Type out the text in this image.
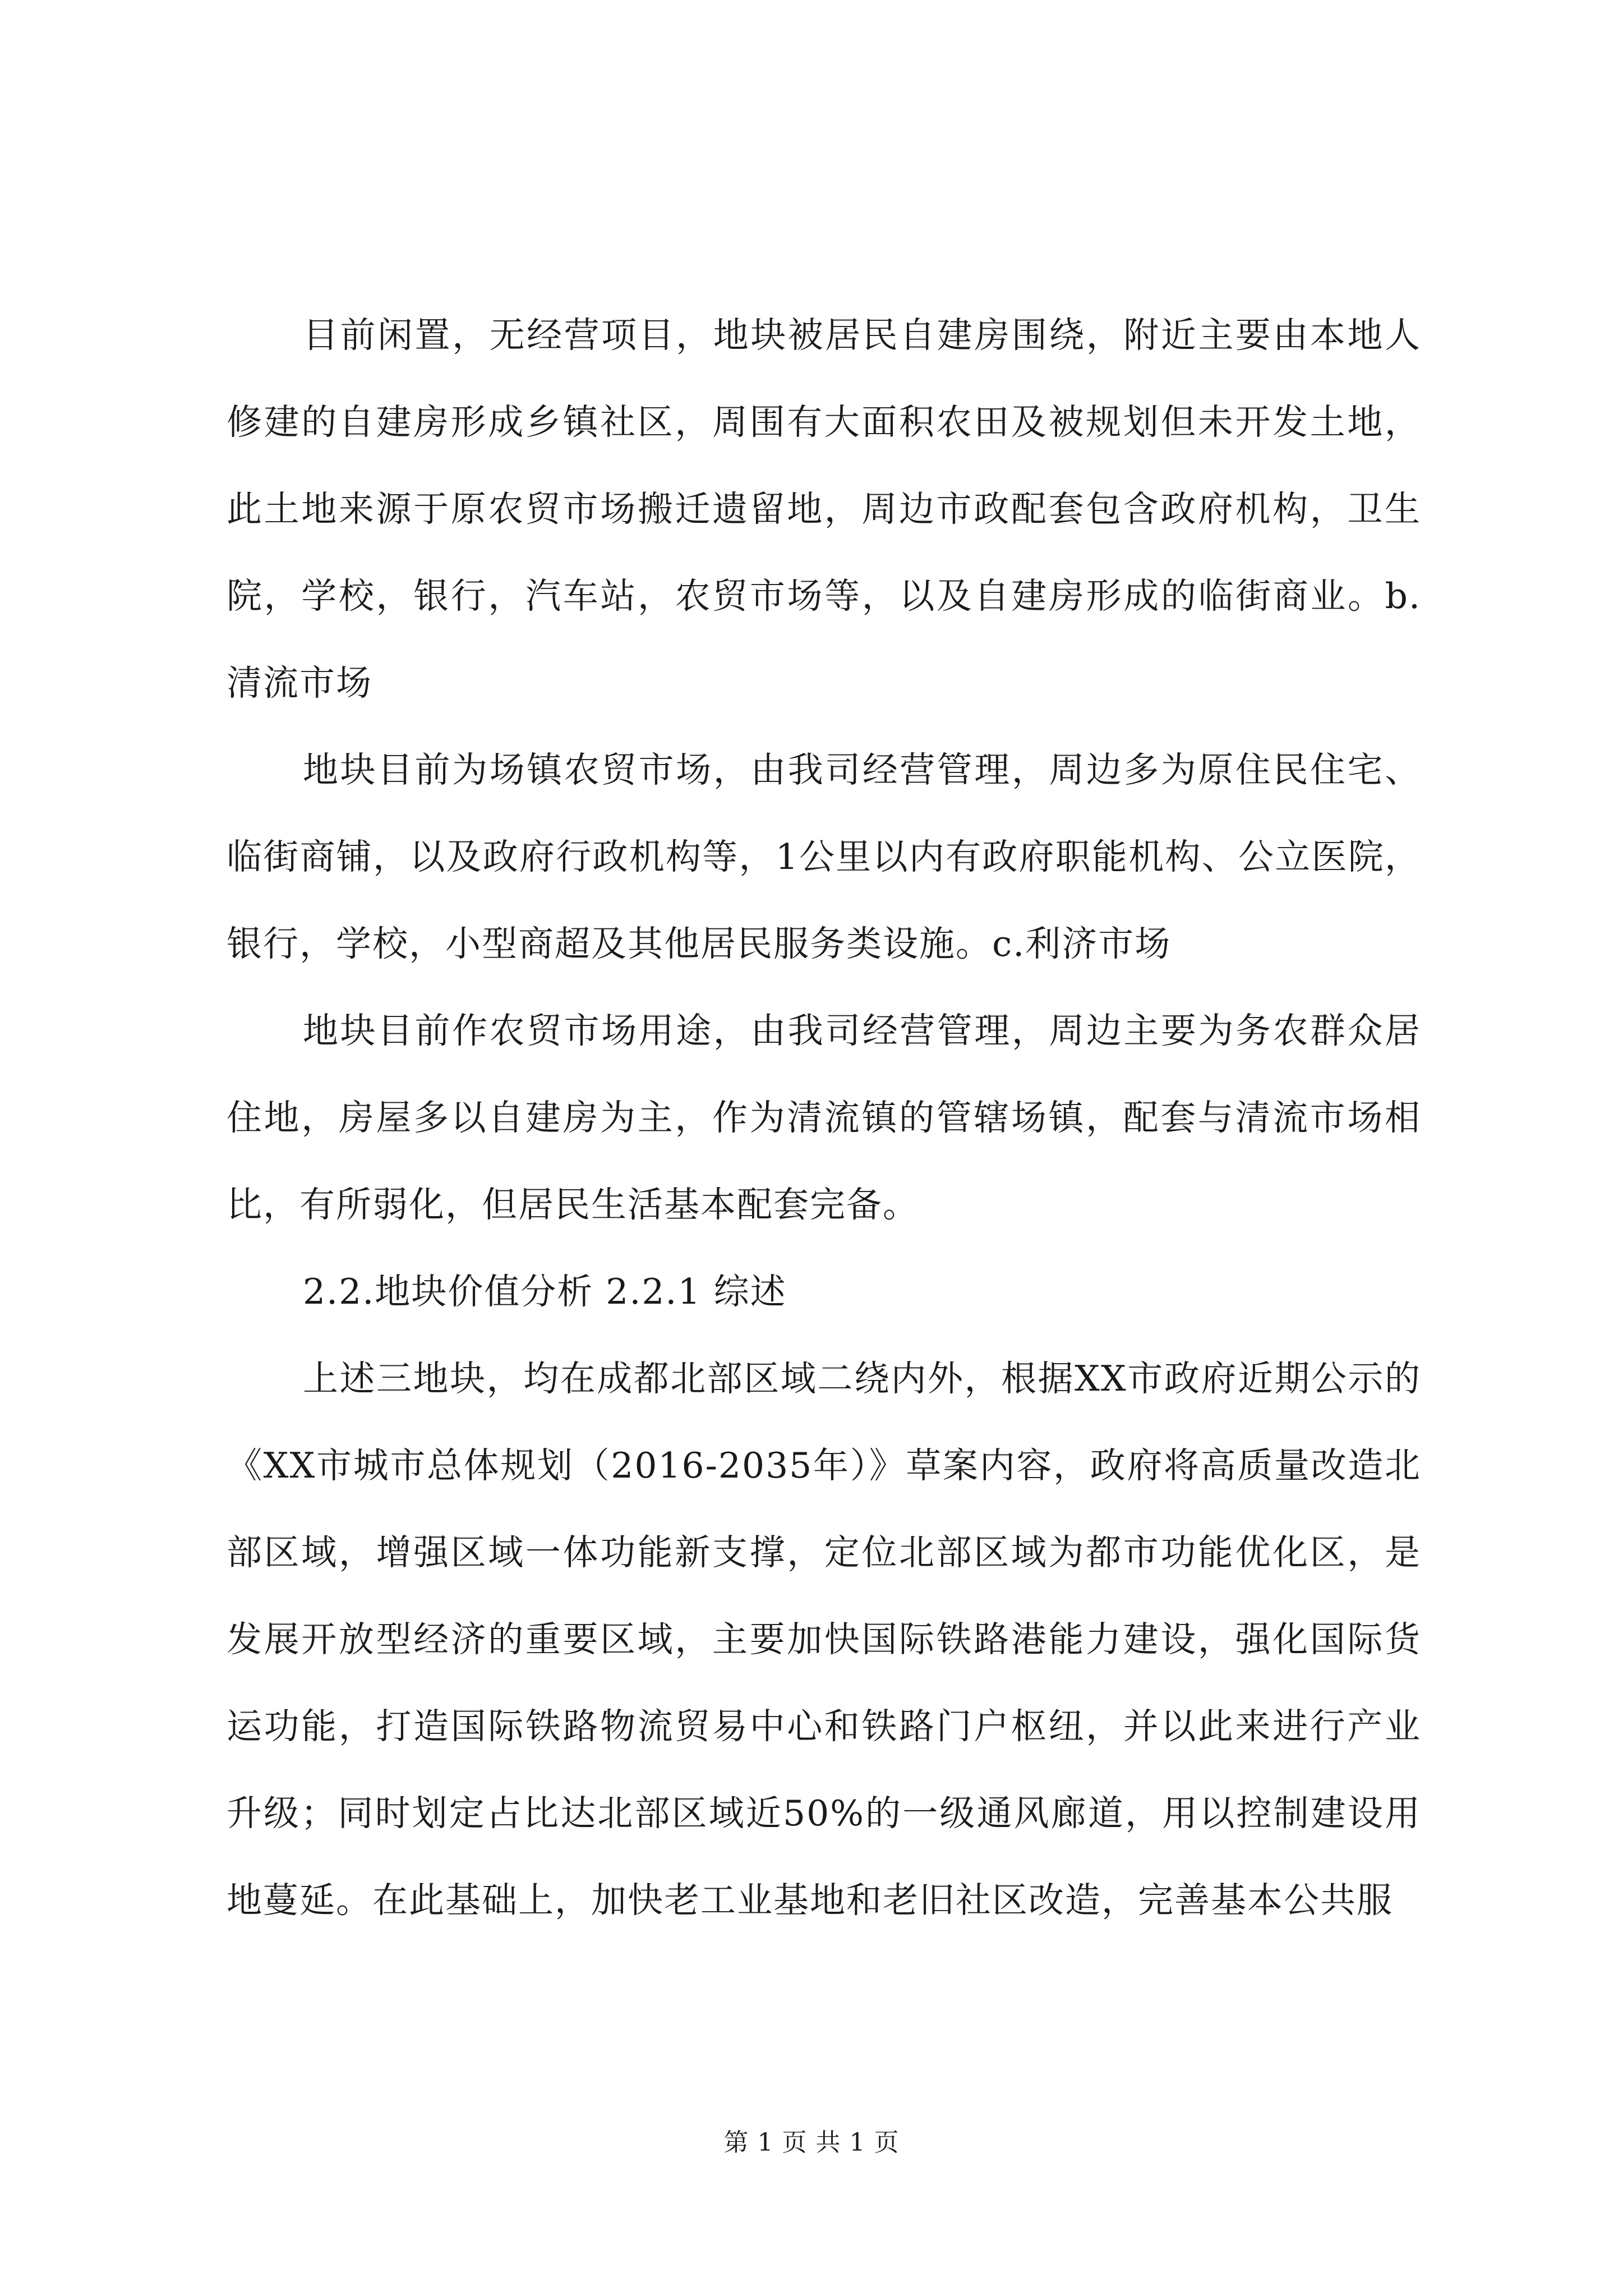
目前闲置，无经营项目，地块被居民自建房围绕，附近主要由本地人修建的自建房形成乡镇社区，周围有大面积农田及被规划但未开发土地，此土地来源于原农贸市场搬迁遗留地，周边市政配套包含政府机构，卫生院，学校，银行，汽车站，农贸市场等，以及自建房形成的临街商业。b.清流市场

地块目前为场镇农贸市场，由我司经营管理，周边多为原住民住宅、临街商铺，以及政府行政机构等，1公里以内有政府职能机构、公立医院，银行，学校，小型商超及其他居民服务类设施。c.利济市场

地块目前作农贸市场用途，由我司经营管理，周边主要为务农群众居住地，房屋多以自建房为主，作为清流镇的管辖场镇，配套与清流市场相比，有所弱化，但居民生活基本配套完备。

2.2.地块价值分析 2.2.1 综述

上述三地块，均在成都北部区域二绕内外，根据XX市政府近期公示的《XX市城市总体规划（2016-2035年）》草案内容，政府将高质量改造北部区域，增强区域一体功能新支撑，定位北部区域为都市功能优化区，是发展开放型经济的重要区域，主要加快国际铁路港能力建设，强化国际货运功能，打造国际铁路物流贸易中心和铁路门户枢纽，并以此来进行产业升级；同时划定占比达北部区域近50%的一级通风廊道，用以控制建设用地蔓延。在此基础上，加快老工业基地和老旧社区改造，完善基本公共服

第 1 页 共 1 页
